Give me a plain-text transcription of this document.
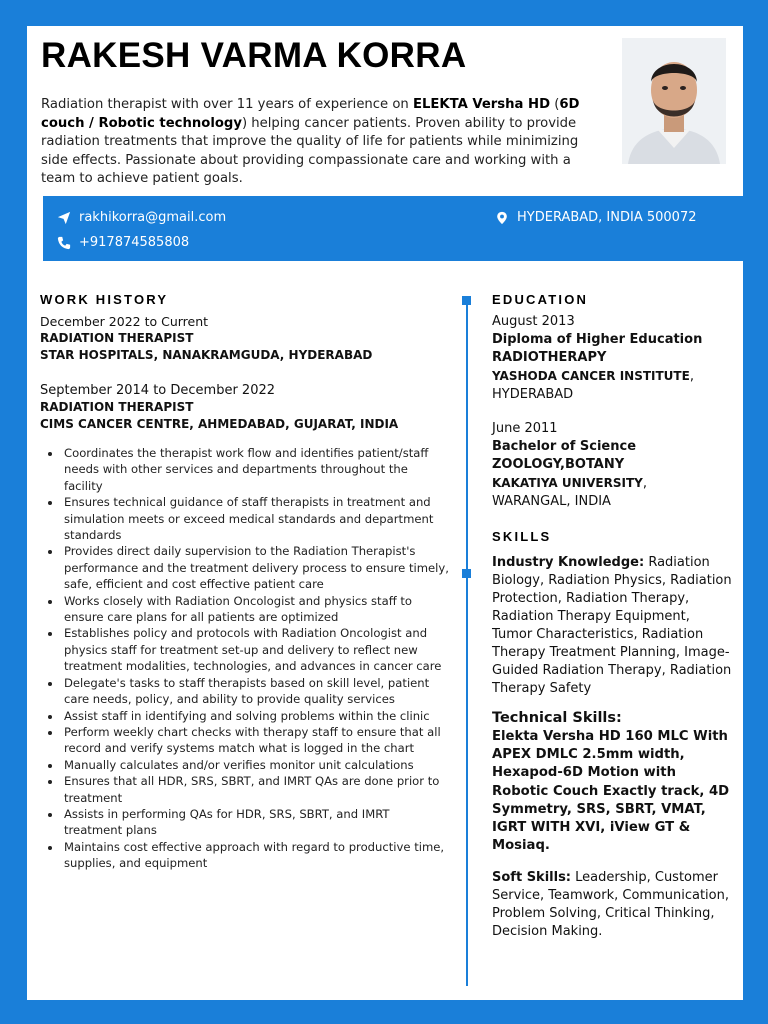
RAKESH VARMA KORRA
Radiation therapist with over 11 years of experience on ELEKTA Versha HD (6D couch / Robotic technology) helping cancer patients. Proven ability to provide radiation treatments that improve the quality of life for patients while minimizing side effects. Passionate about providing compassionate care and working with a team to achieve patient goals.
rakhikorra@gmail.com
+917874585808
HYDERABAD, INDIA 500072
WORK HISTORY
December 2022 to Current
RADIATION THERAPIST
STAR HOSPITALS, NANAKRAMGUDA, HYDERABAD
September 2014 to December 2022
RADIATION THERAPIST
CIMS CANCER CENTRE, AHMEDABAD, GUJARAT, INDIA
• Coordinates the therapist work flow and identifies patient/staff needs with other services and departments throughout the facility
• Ensures technical guidance of staff therapists in treatment and simulation meets or exceed medical standards and department standards
• Provides direct daily supervision to the Radiation Therapist's performance and the treatment delivery process to ensure timely, safe, efficient and cost effective patient care
• Works closely with Radiation Oncologist and physics staff to ensure care plans for all patients are optimized
• Establishes policy and protocols with Radiation Oncologist and physics staff for treatment set-up and delivery to reflect new treatment modalities, technologies, and advances in cancer care
• Delegate's tasks to staff therapists based on skill level, patient care needs, policy, and ability to provide quality services
• Assist staff in identifying and solving problems within the clinic
• Perform weekly chart checks with therapy staff to ensure that all record and verify systems match what is logged in the chart
• Manually calculates and/or verifies monitor unit calculations
• Ensures that all HDR, SRS, SBRT, and IMRT QAs are done prior to treatment
• Assists in performing QAs for HDR, SRS, SBRT, and IMRT treatment plans
• Maintains cost effective approach with regard to productive time, supplies, and equipment
EDUCATION
August 2013
Diploma of Higher Education
RADIOTHERAPY
YASHODA CANCER INSTITUTE,
HYDERABAD
June 2011
Bachelor of Science
ZOOLOGY,BOTANY
KAKATIYA UNIVERSITY,
WARANGAL, INDIA
SKILLS
Industry Knowledge: Radiation Biology, Radiation Physics, Radiation Protection, Radiation Therapy, Radiation Therapy Equipment, Tumor Characteristics, Radiation Therapy Treatment Planning, Image-Guided Radiation Therapy, Radiation Therapy Safety
Technical Skills:
Elekta Versha HD 160 MLC With APEX DMLC 2.5mm width, Hexapod-6D Motion with Robotic Couch Exactly track, 4D Symmetry, SRS, SBRT, VMAT, IGRT WITH XVI, iView GT & Mosiaq.
Soft Skills: Leadership, Customer Service, Teamwork, Communication, Problem Solving, Critical Thinking, Decision Making.
